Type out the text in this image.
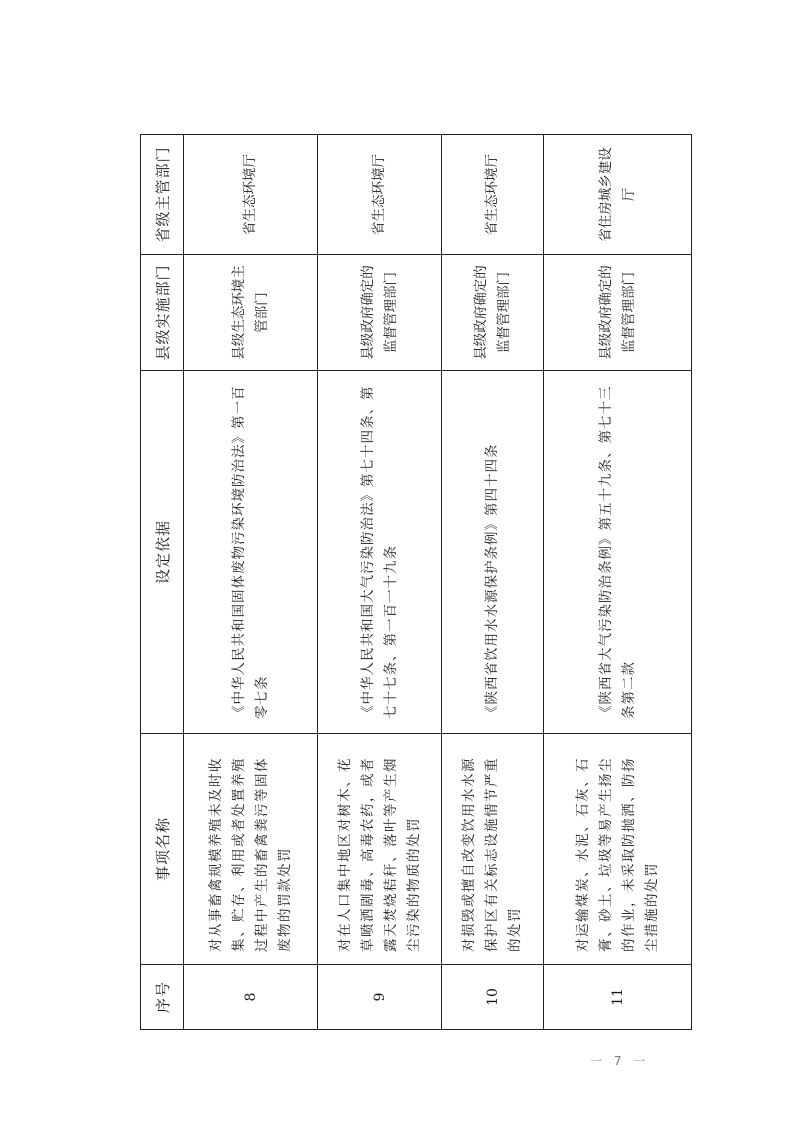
序号	事项名称	设定依据	县级实施部门	省级主管部门
8	对从事畜禽规模养殖未及时收集、贮存、利用或者处置养殖过程中产生的畜禽粪污等固体废物的罚款处罚	《中华人民共和国固体废物污染环境防治法》第一百零七条	县级生态环境主管部门	省生态环境厅
9	对在人口集中地区对树木、花草喷洒剧毒、高毒农药，或者露天焚烧秸秆、落叶等产生烟尘污染的物质的处罚	《中华人民共和国大气污染防治法》第七十四条、第七十七条、第一百一十九条	县级政府确定的监督管理部门	省生态环境厅
10	对损毁或擅自改变饮用水水源保护区有关标志设施情节严重的处罚	《陕西省饮用水水源保护条例》第四十四条	县级政府确定的监督管理部门	省生态环境厅
11	对运输煤炭、水泥、石灰、石膏、砂土、垃圾等易产生扬尘的作业，未采取防抛洒、防扬尘措施的处罚	《陕西省大气污染防治条例》第五十九条、第七十三条第二款	县级政府确定的监督管理部门	省住房城乡建设厅
一 7 一
